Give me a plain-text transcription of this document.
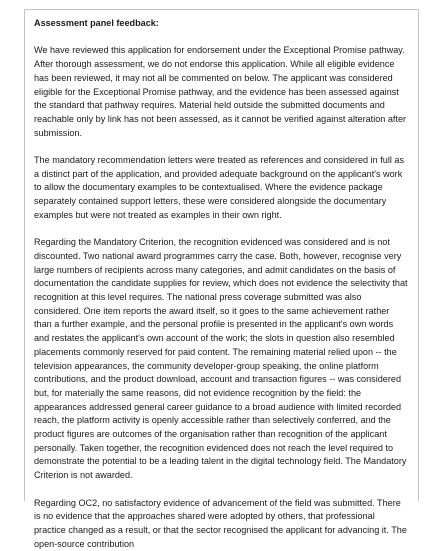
Assessment panel feedback:

We have reviewed this application for endorsement under the Exceptional Promise pathway. After thorough assessment, we do not endorse this application. While all eligible evidence has been reviewed, it may not all be commented on below. The applicant was considered eligible for the Exceptional Promise pathway, and the evidence has been assessed against the standard that pathway requires. Material held outside the submitted documents and reachable only by link has not been assessed, as it cannot be verified against alteration after submission.

The mandatory recommendation letters were treated as references and considered in full as a distinct part of the application, and provided adequate background on the applicant's work to allow the documentary examples to be contextualised. Where the evidence package separately contained support letters, these were considered alongside the documentary examples but were not treated as examples in their own right.

Regarding the Mandatory Criterion, the recognition evidenced was considered and is not discounted. Two national award programmes carry the case. Both, however, recognise very large numbers of recipients across many categories, and admit candidates on the basis of documentation the candidate supplies for review, which does not evidence the selectivity that recognition at this level requires. The national press coverage submitted was also considered. One item reports the award itself, so it goes to the same achievement rather than a further example, and the personal profile is presented in the applicant's own words and restates the applicant's own account of the work; the slots in question also resembled placements commonly reserved for paid content. The remaining material relied upon -- the television appearances, the community developer-group speaking, the online platform contributions, and the product download, account and transaction figures -- was considered but, for materially the same reasons, did not evidence recognition by the field: the appearances addressed general career guidance to a broad audience with limited recorded reach, the platform activity is openly accessible rather than selectively conferred, and the product figures are outcomes of the organisation rather than recognition of the applicant personally. Taken together, the recognition evidenced does not reach the level required to demonstrate the potential to be a leading talent in the digital technology field. The Mandatory Criterion is not awarded.

Regarding OC2, no satisfactory evidence of advancement of the field was submitted. There is no evidence that the approaches shared were adopted by others, that professional practice changed as a result, or that the sector recognised the applicant for advancing it. The open-source contribution
